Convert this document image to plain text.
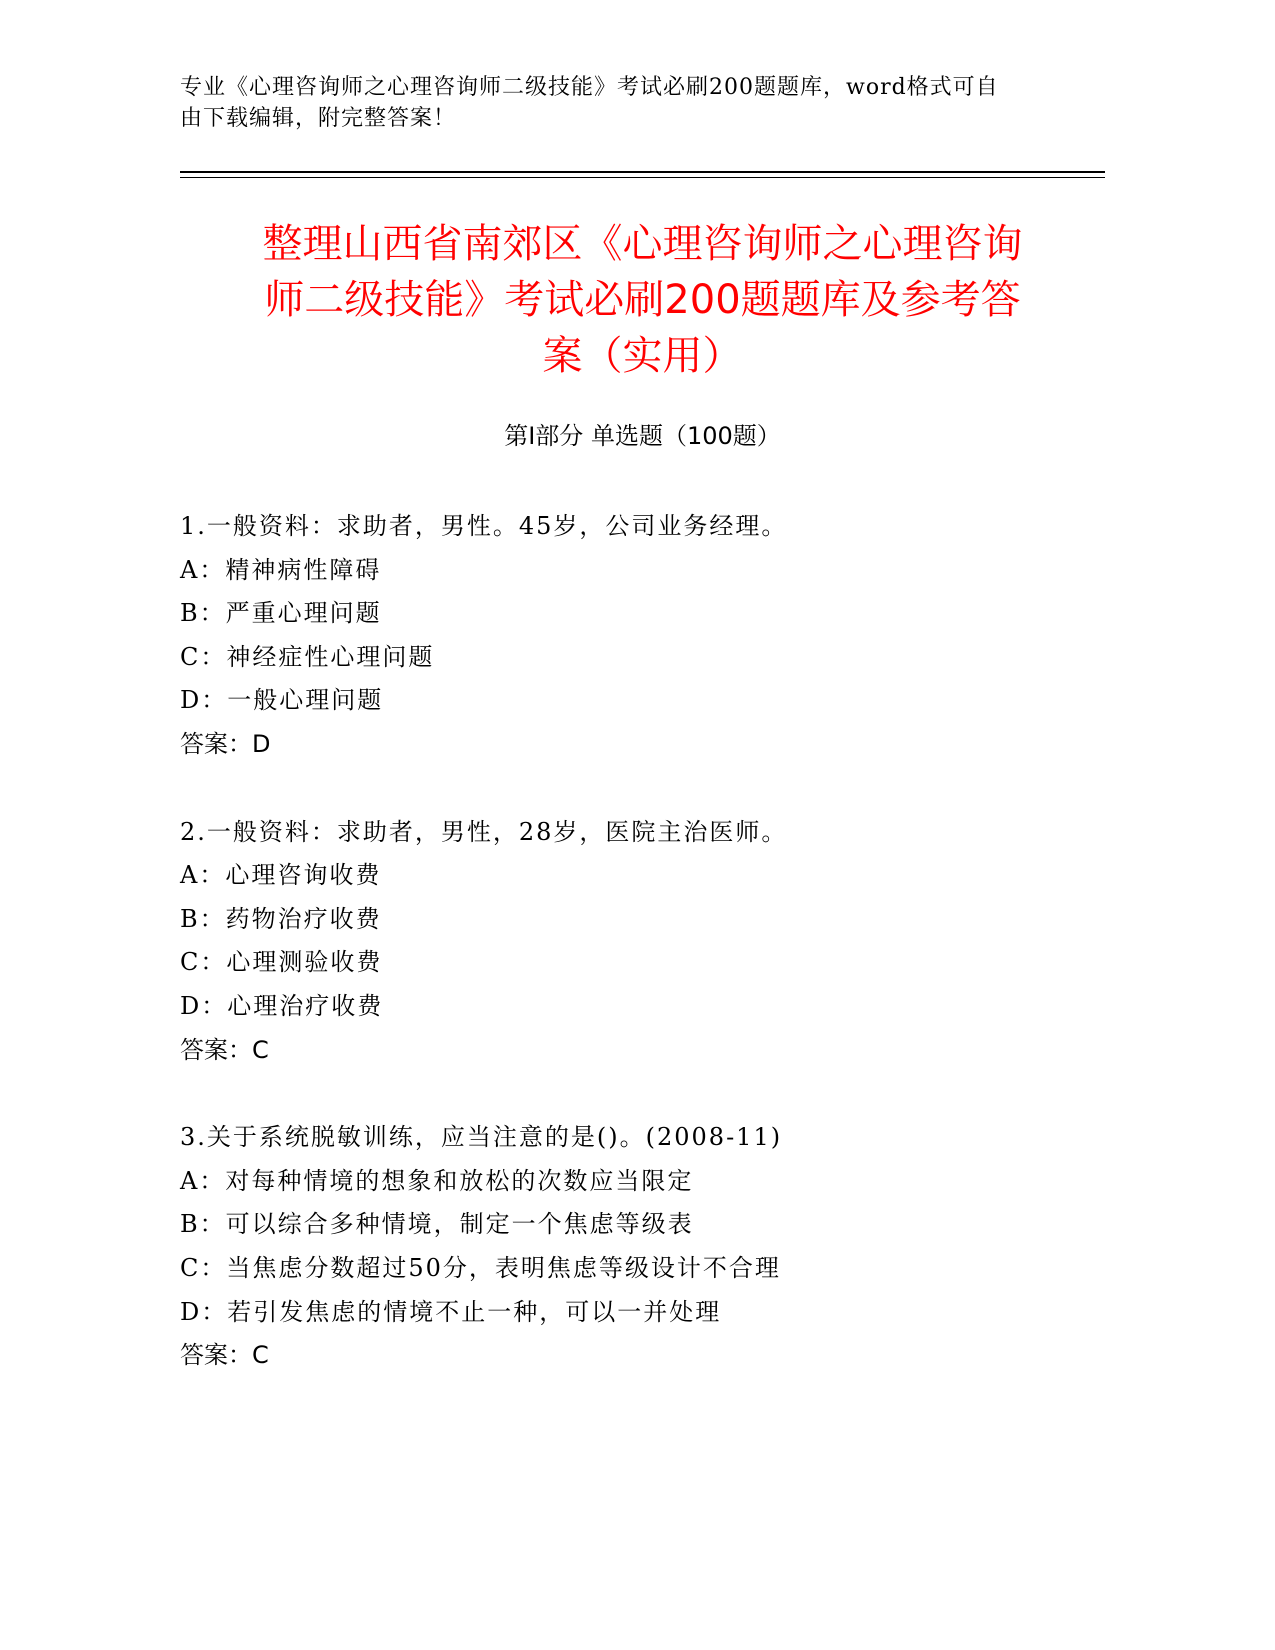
专业《心理咨询师之心理咨询师二级技能》考试必刷200题题库，word格式可自
由下载编辑，附完整答案！
整理山西省南郊区《心理咨询师之心理咨询
师二级技能》考试必刷200题题库及参考答
案（实用）
第Ⅰ部分 单选题（100题）
1.一般资料：求助者，男性。45岁，公司业务经理。
A：精神病性障碍
B：严重心理问题
C：神经症性心理问题
D：一般心理问题
答案：D
2.一般资料：求助者，男性，28岁，医院主治医师。
A：心理咨询收费
B：药物治疗收费
C：心理测验收费
D：心理治疗收费
答案：C
3.关于系统脱敏训练，应当注意的是()。(2008-11)
A：对每种情境的想象和放松的次数应当限定
B：可以综合多种情境，制定一个焦虑等级表
C：当焦虑分数超过50分，表明焦虑等级设计不合理
D：若引发焦虑的情境不止一种，可以一并处理
答案：C
